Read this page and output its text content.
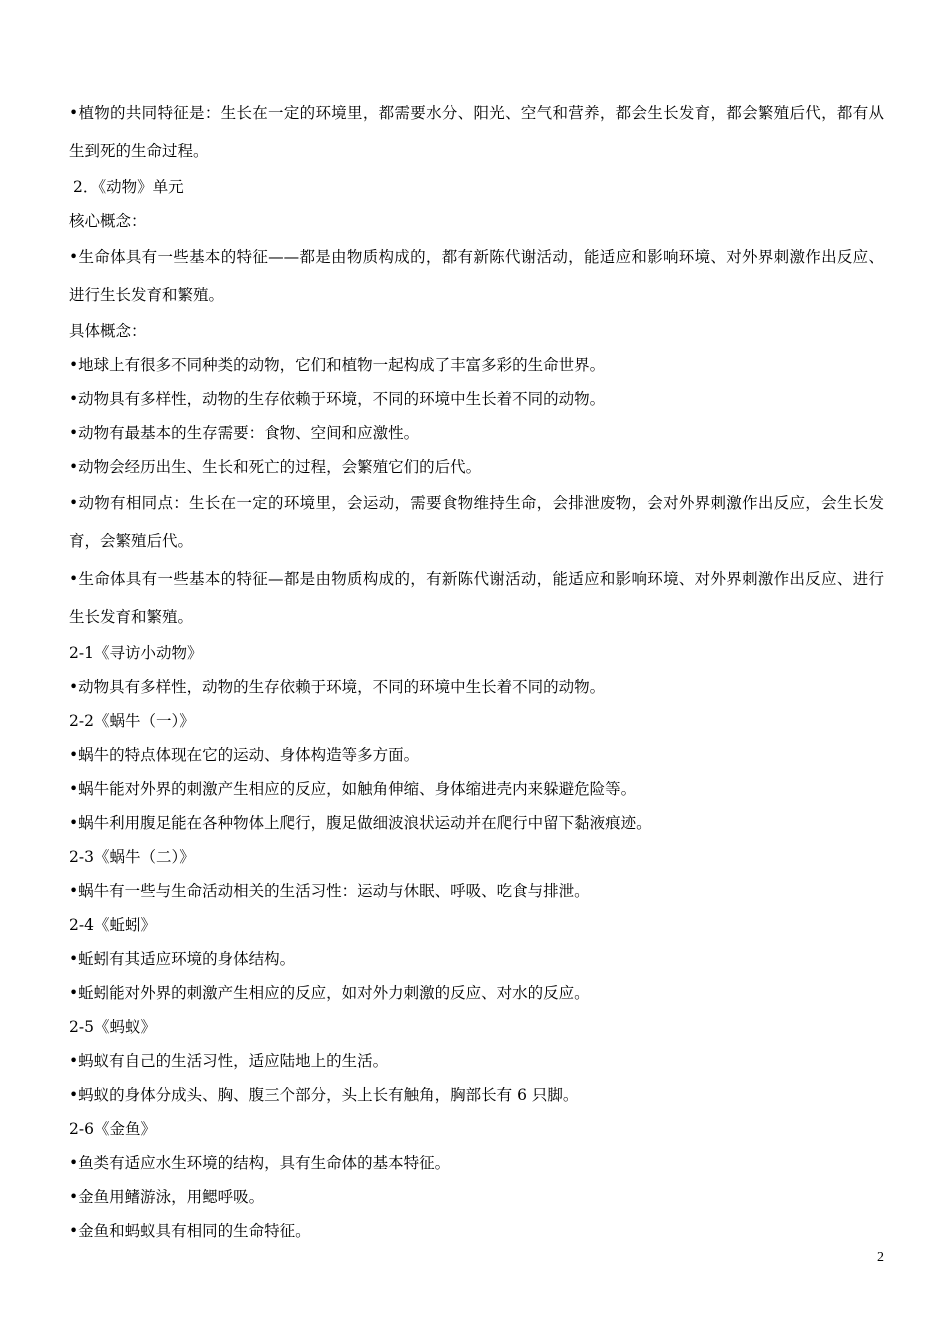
•植物的共同特征是：生长在一定的环境里，都需要水分、阳光、空气和营养，都会生长发育，都会繁殖后代，都有从生到死的生命过程。
2．《动物》单元
核心概念：
•生命体具有一些基本的特征——都是由物质构成的，都有新陈代谢活动，能适应和影响环境、对外界刺激作出反应、进行生长发育和繁殖。
具体概念：
•地球上有很多不同种类的动物，它们和植物一起构成了丰富多彩的生命世界。
•动物具有多样性，动物的生存依赖于环境，不同的环境中生长着不同的动物。
•动物有最基本的生存需要：食物、空间和应激性。
•动物会经历出生、生长和死亡的过程，会繁殖它们的后代。
•动物有相同点：生长在一定的环境里，会运动，需要食物维持生命，会排泄废物，会对外界刺激作出反应，会生长发育，会繁殖后代。
•生命体具有一些基本的特征—都是由物质构成的，有新陈代谢活动，能适应和影响环境、对外界刺激作出反应、进行生长发育和繁殖。
2-1《寻访小动物》
•动物具有多样性，动物的生存依赖于环境，不同的环境中生长着不同的动物。
2-2《蜗牛（一）》
•蜗牛的特点体现在它的运动、身体构造等多方面。
•蜗牛能对外界的刺激产生相应的反应，如触角伸缩、身体缩进壳内来躲避危险等。
•蜗牛利用腹足能在各种物体上爬行，腹足做细波浪状运动并在爬行中留下黏液痕迹。
2-3《蜗牛（二）》
•蜗牛有一些与生命活动相关的生活习性：运动与休眠、呼吸、吃食与排泄。
2-4《蚯蚓》
•蚯蚓有其适应环境的身体结构。
•蚯蚓能对外界的刺激产生相应的反应，如对外力刺激的反应、对水的反应。
2-5《蚂蚁》
•蚂蚁有自己的生活习性，适应陆地上的生活。
•蚂蚁的身体分成头、胸、腹三个部分，头上长有触角，胸部长有 6 只脚。
2-6《金鱼》
•鱼类有适应水生环境的结构，具有生命体的基本特征。
•金鱼用鳍游泳，用鳃呼吸。
•金鱼和蚂蚁具有相同的生命特征。
2
